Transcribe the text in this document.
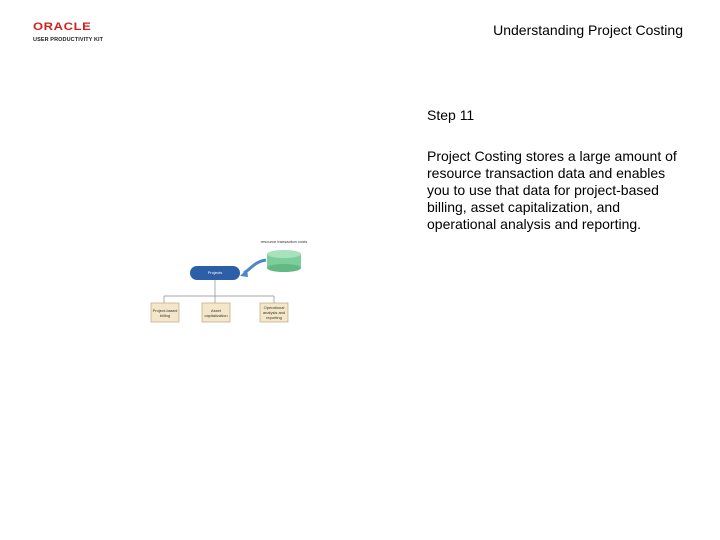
ORACLE
USER PRODUCTIVITY KIT
Understanding Project Costing
Step 11
Project Costing stores a large amount of resource transaction data and enables you to use that data for project-based billing, asset capitalization, and operational analysis and reporting.
resource transaction costs
Projects
Project-based billing
Asset capitalization
Operational analysis and reporting
